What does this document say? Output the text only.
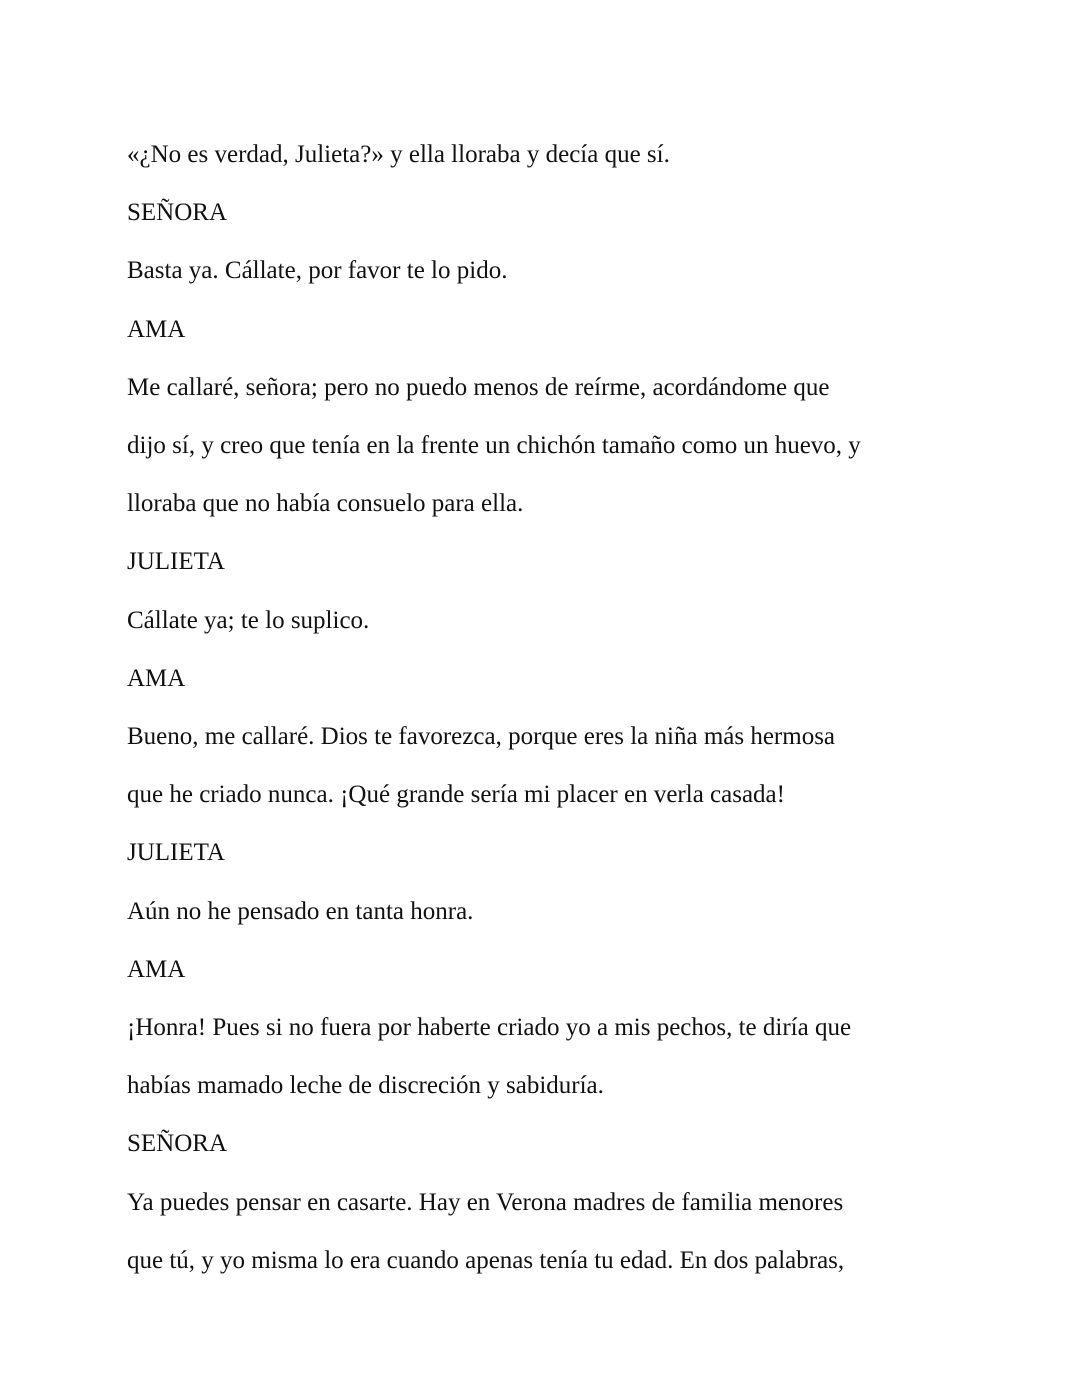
«¿No es verdad, Julieta?» y ella lloraba y decía que sí.

SEÑORA

Basta ya. Cállate, por favor te lo pido.

AMA

Me callaré, señora; pero no puedo menos de reírme, acordándome que

dijo sí, y creo que tenía en la frente un chichón tamaño como un huevo, y

lloraba que no había consuelo para ella.

JULIETA

Cállate ya; te lo suplico.

AMA

Bueno, me callaré. Dios te favorezca, porque eres la niña más hermosa

que he criado nunca. ¡Qué grande sería mi placer en verla casada!

JULIETA

Aún no he pensado en tanta honra.

AMA

¡Honra! Pues si no fuera por haberte criado yo a mis pechos, te diría que

habías mamado leche de discreción y sabiduría.

SEÑORA

Ya puedes pensar en casarte. Hay en Verona madres de familia menores

que tú, y yo misma lo era cuando apenas tenía tu edad. En dos palabras,
